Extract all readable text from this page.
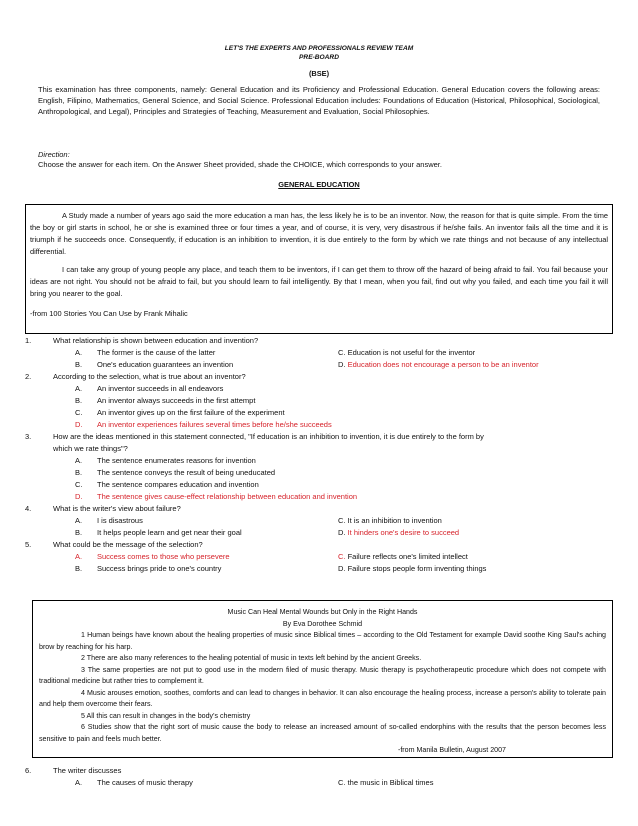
LET'S THE EXPERTS AND PROFESSIONALS REVIEW TEAM
PRE-BOARD
(BSE)
This examination has three components, namely: General Education and its Proficiency and Professional Education. General Education covers the following areas: English, Filipino, Mathematics, General Science, and Social Science. Professional Education includes: Foundations of Education (Historical, Philosophical, Sociological, Anthropological, and Legal), Principles and Strategies of Teaching, Measurement and Evaluation, Social Philosophies.
Direction:
Choose the answer for each item. On the Answer Sheet provided, shade the CHOICE, which corresponds to your answer.
GENERAL EDUCATION

A Study made a number of years ago said the more education a man has, the less likely he is to be an inventor. Now, the reason for that is quite simple. From the time the boy or girl starts in school, he or she is examined three or four times a year, and of course, it is very, very disastrous if he/she fails. An inventor fails all the time and it is triumph if he succeeds once. Consequently, if education is an inhibition to invention, it is due entirely to the form by which we rate things and not because of any intellectual differential.

I can take any group of young people any place, and teach them to be inventors, if I can get them to throw off the hazard of being afraid to fail. You fail because your ideas are not right. You should not be afraid to fail, but you should learn to fail intelligently. By that I mean, when you fail, find out why you failed, and each time you fail it will bring you nearer to the goal.

-from 100 Stories You Can Use by Frank Mihalic

1.	What relationship is shown between education and invention?
A. The former is the cause of the latter	C. Education is not useful for the inventor
B. One's education guarantees an invention	D. Education does not encourage a person to be an inventor
2.	According to the selection, what is true about an inventor?
A. An inventor succeeds in all endeavors
B. An inventor always succeeds in the first attempt
C. An inventor gives up on the first failure of the experiment
D. An inventor experiences failures several times before he/she succeeds
3.	How are the ideas mentioned in this statement connected, "If education is an inhibition to invention, it is due entirely to the form by
which we rate things"?
A. The sentence enumerates reasons for invention
B. The sentence conveys the result of being uneducated
C. The sentence compares education and invention
D. The sentence gives cause-effect relationship between education and invention
4.	What is the writer's view about failure?
A. I is disastrous	C. It is an inhibition to invention
B. It helps people learn and get near their goal	D. It hinders one's desire to succeed
5.	What could be the message of the selection?
A. Success comes to those who persevere	C. Failure reflects one's limited intellect
B. Success brings pride to one's country	D. Failure stops people form inventing things

Music Can Heal Mental Wounds but Only in the Right Hands

By Eva Dorothee Schmid

1 Human beings have known about the healing properties of music since Biblical times – according to the Old Testament for example David soothe King Saul's aching brow by reaching for his harp.

2 There are also many references to the healing potential of music in texts left behind by the ancient Greeks.

3 The same properties are not put to good use in the modern filed of music therapy. Music therapy is psychotherapeutic procedure which does not compete with traditional medicine but rather tries to complement it.

4 Music arouses emotion, soothes, comforts and can lead to changes in behavior. It can also encourage the healing process, increase a person's ability to tolerate pain and help them overcome their fears.

5 All this can result in changes in the body's chemistry

6 Studies show that the right sort of music cause the body to release an increased amount of so-called endorphins with the results that the person becomes less sensitive to pain and feels much better.

-from Manila Bulletin, August 2007

6.	The writer discusses
A. The causes of music therapy	C. the music in Biblical times
